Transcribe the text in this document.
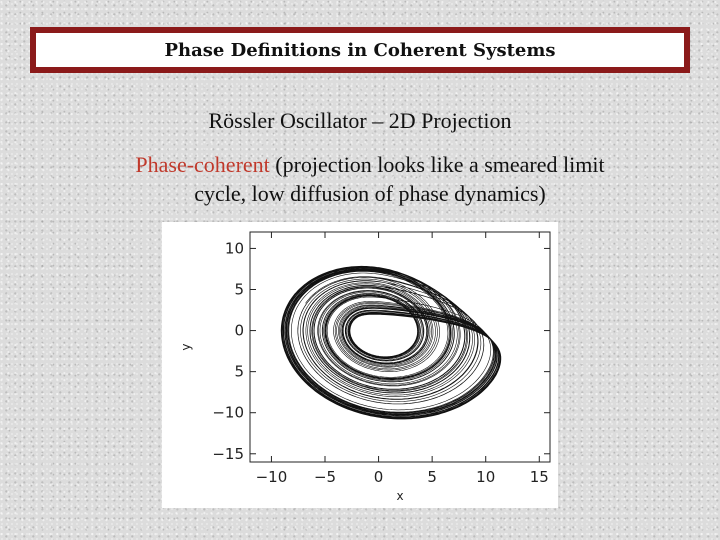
Phase Definitions in Coherent Systems
Rössler Oscillator – 2D Projection
Phase-coherent (projection looks like a smeared limit cycle, low diffusion of phase dynamics)
−10 −5	0	5	10 15
10
5
0
5
−10
−15
x
y
